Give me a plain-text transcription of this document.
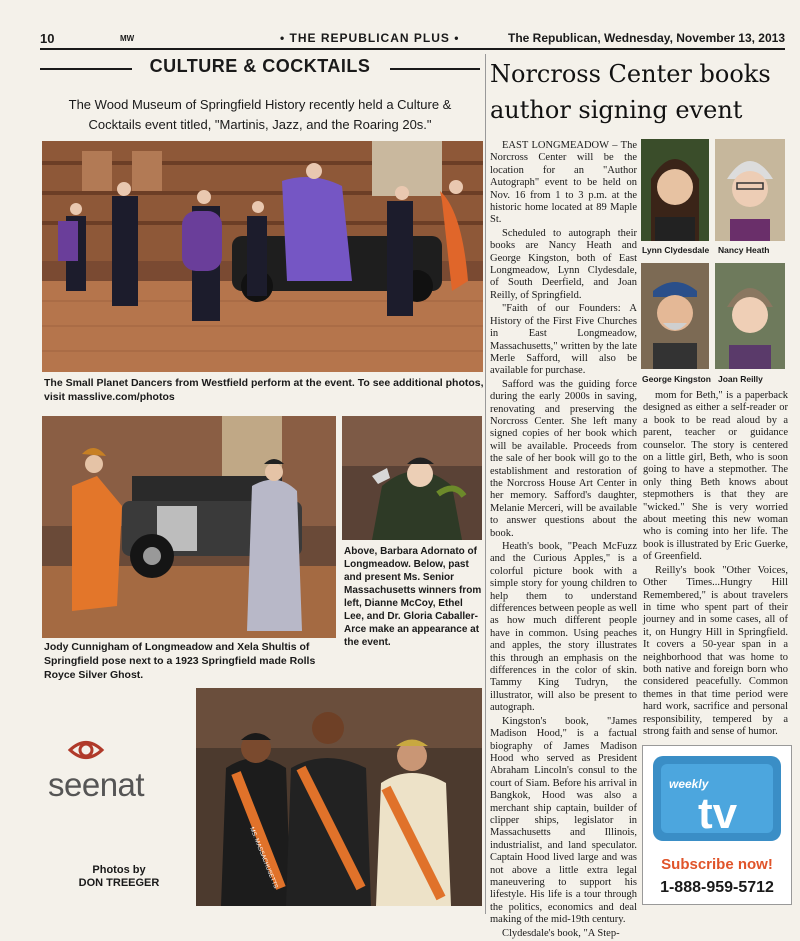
10	MW	• THE REPUBLICAN PLUS •	The Republican, Wednesday, November 13, 2013
CULTURE & COCKTAILS
The Wood Museum of Springfield History recently held a Culture & Cocktails event titled, "Martinis, Jazz, and the Roaring 20s."
The Small Planet Dancers from Westfield perform at the event. To see additional photos, visit masslive.com/photos
Jody Cunnigham of Longmeadow and Xela Shultis of Springfield pose next to a 1923 Springfield made Rolls Royce Silver Ghost.
Above, Barbara Adornato of Longmeadow. Below, past and present Ms. Senior Massachusetts winners from left, Dianne McCoy, Ethel Lee, and Dr. Gloria Caballer-Arce make an appearance at the event.
MS. MASSACHUSETTS
seenat
Photos by
DON TREEGER
Norcross Center books author signing event

EAST LONGMEADOW – The Norcross Center will be the location for an "Author Autograph" event to be held on Nov. 16 from 1 to 3 p.m. at the historic home located at 89 Maple St.

Scheduled to autograph their books are Nancy Heath and George Kingston, both of East Longmeadow, Lynn Clydesdale, of South Deerfield, and Joan Reilly, of Springfield.

"Faith of our Founders: A History of the First Five Churches in East Longmeadow, Massachusetts," written by the late Merle Safford, will also be available for purchase.

Safford was the guiding force during the early 2000s in saving, renovating and preserving the Norcross Center. She left many signed copies of her book which will be available. Proceeds from the sale of her book will go to the establishment and restoration of the Norcross House Art Center in her memory. Safford's daughter, Melanie Merceri, will be available to answer questions about the book.

Heath's book, "Peach McFuzz and the Curious Apples," is a colorful picture book with a simple story for young children to help them to understand differences between people as well as how much different people have in common. Using peaches and apples, the story illustrates this through an emphasis on the differences in the color of skin. Tammy King Tudryn, the illustrator, will also be present to autograph.

Kingston's book, "James Madison Hood," is a factual biography of James Madison Hood who served as President Abraham Lincoln's consul to the court of Siam. Before his arrival in Bangkok, Hood was also a merchant ship captain, builder of clipper ships, legislator in Massachusetts and Illinois, industrialist, and land speculator. Captain Hood lived large and was not above a little extra legal maneuvering to support his lifestyle. His life is a tour through the politics, economics and deal making of the mid-19th century.

Clydesdale's book, "A Step-

Lynn Clydesdale Nancy Heath
George Kingston Joan Reilly

mom for Beth," is a paperback designed as either a self-reader or a book to be read aloud by a parent, teacher or guidance counselor. The story is centered on a little girl, Beth, who is soon going to have a stepmother. The only thing Beth knows about stepmothers is that they are "wicked." She is very worried about meeting this new woman who is coming into her life. The book is illustrated by Eric Guerke, of Greenfield.

Reilly's book "Other Voices, Other Times...Hungry Hill Remembered," is about travelers in time who spent part of their journey and in some cases, all of it, on Hungry Hill in Springfield. It covers a 50-year span in a neighborhood that was home to both native and foreign born who considered peacefully. Common themes in that time period were hard work, sacrifice and personal responsibility, tempered by a strong faith and sense of humor.

weekly
tv
Subscribe now!
1-888-959-5712
